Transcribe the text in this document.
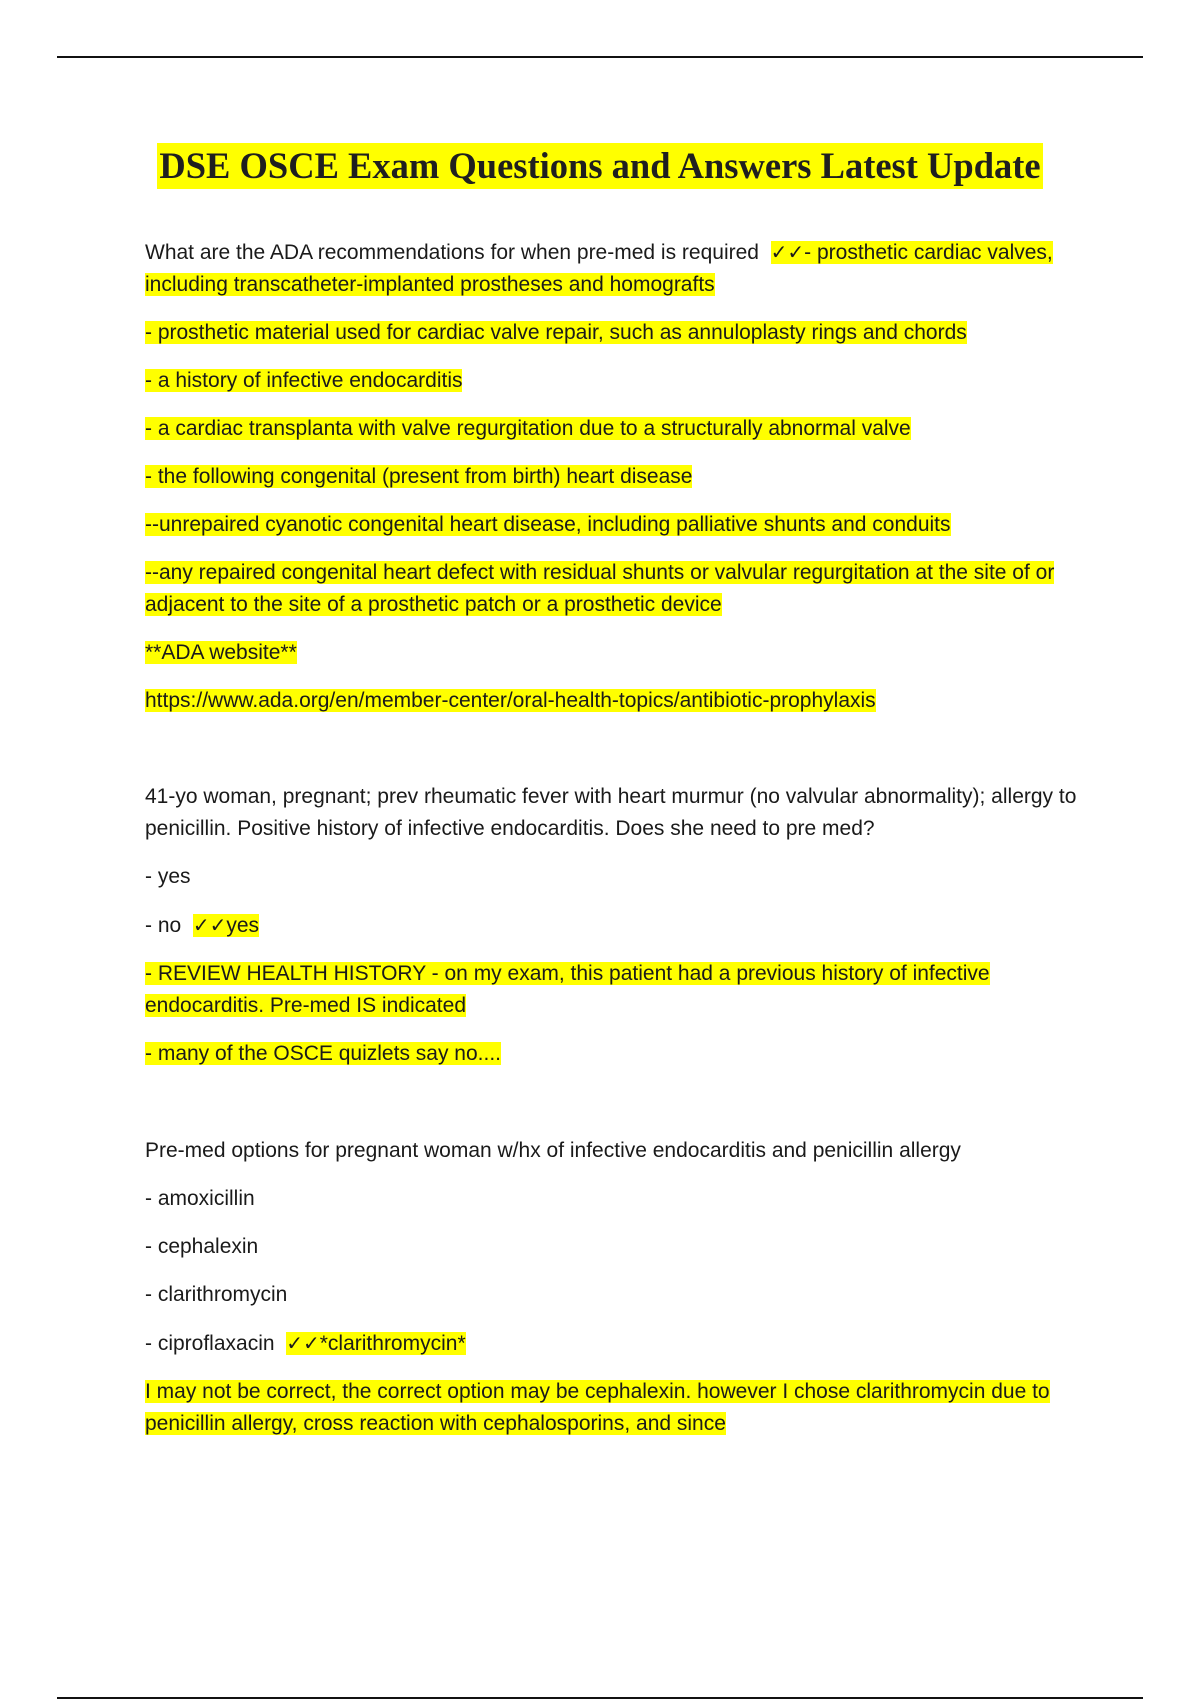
DSE OSCE Exam Questions and Answers Latest Update

What are the ADA recommendations for when pre-med is required ✓✓- prosthetic cardiac valves, including transcatheter-implanted prostheses and homografts

- prosthetic material used for cardiac valve repair, such as annuloplasty rings and chords

- a history of infective endocarditis

- a cardiac transplanta with valve regurgitation due to a structurally abnormal valve

- the following congenital (present from birth) heart disease

--unrepaired cyanotic congenital heart disease, including palliative shunts and conduits

--any repaired congenital heart defect with residual shunts or valvular regurgitation at the site of or adjacent to the site of a prosthetic patch or a prosthetic device

**ADA website**

https://www.ada.org/en/member-center/oral-health-topics/antibiotic-prophylaxis

41-yo woman, pregnant; prev rheumatic fever with heart murmur (no valvular abnormality); allergy to penicillin. Positive history of infective endocarditis. Does she need to pre med?

- yes

- no ✓✓yes

- REVIEW HEALTH HISTORY - on my exam, this patient had a previous history of infective endocarditis. Pre-med IS indicated

- many of the OSCE quizlets say no....

Pre-med options for pregnant woman w/hx of infective endocarditis and penicillin allergy

- amoxicillin

- cephalexin

- clarithromycin

- ciproflaxacin ✓✓*clarithromycin*

I may not be correct, the correct option may be cephalexin. however I chose clarithromycin due to penicillin allergy, cross reaction with cephalosporins, and since
